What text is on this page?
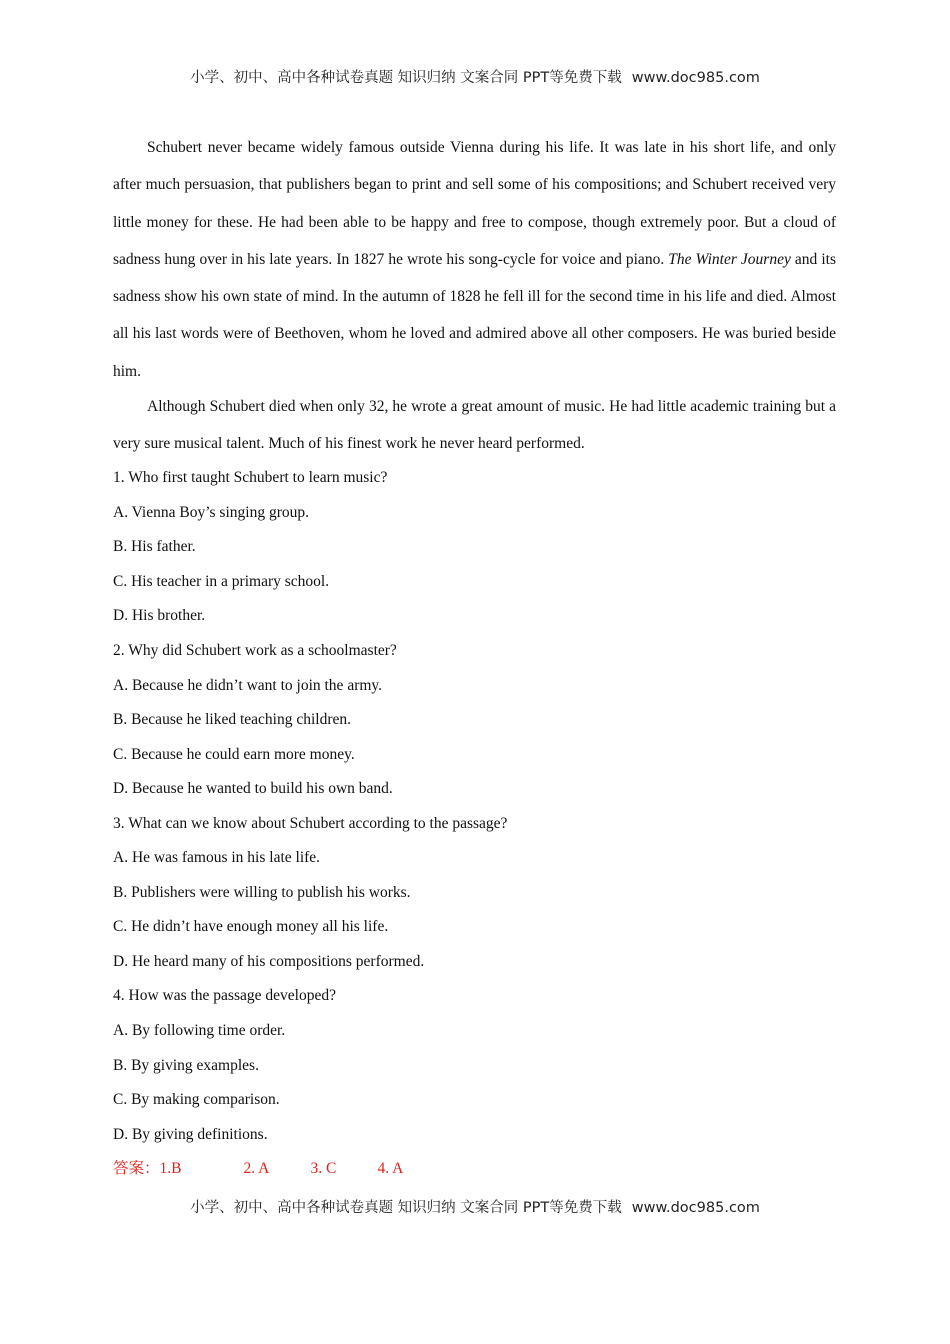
小学、初中、高中各种试卷真题 知识归纳 文案合同 PPT等免费下载 www.doc985.com
Schubert never became widely famous outside Vienna during his life. It was late in his short life, and only after much persuasion, that publishers began to print and sell some of his compositions; and Schubert received very little money for these. He had been able to be happy and free to compose, though extremely poor. But a cloud of sadness hung over in his late years. In 1827 he wrote his song-cycle for voice and piano. The Winter Journey and its sadness show his own state of mind. In the autumn of 1828 he fell ill for the second time in his life and died. Almost all his last words were of Beethoven, whom he loved and admired above all other composers. He was buried beside him.
Although Schubert died when only 32, he wrote a great amount of music. He had little academic training but a very sure musical talent. Much of his finest work he never heard performed.
1. Who first taught Schubert to learn music?
A. Vienna Boy’s singing group.
B. His father.
C. His teacher in a primary school.
D. His brother.
2. Why did Schubert work as a schoolmaster?
A. Because he didn’t want to join the army.
B. Because he liked teaching children.
C. Because he could earn more money.
D. Because he wanted to build his own band.
3. What can we know about Schubert according to the passage?
A. He was famous in his late life.
B. Publishers were willing to publish his works.
C. He didn’t have enough money all his life.
D. He heard many of his compositions performed.
4. How was the passage developed?
A. By following time order.
B. By giving examples.
C. By making comparison.
D. By giving definitions.
答案：1.B	2. A	3. C	4. A
小学、初中、高中各种试卷真题 知识归纳 文案合同 PPT等免费下载 www.doc985.com
